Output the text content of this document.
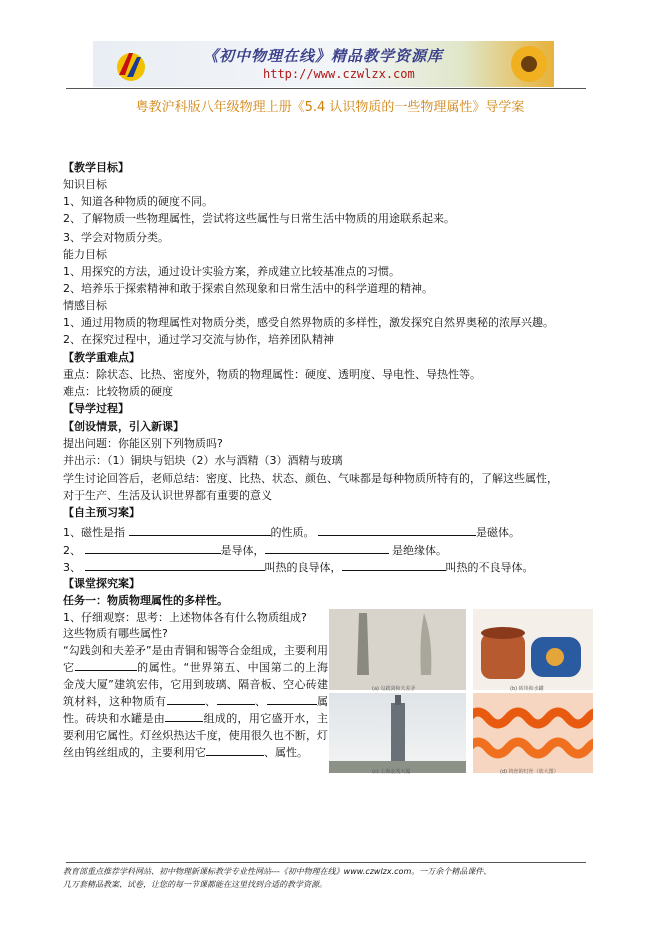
《初中物理在线》精品教学资源库
http://www.czwlzx.com
粤教沪科版八年级物理上册《5.4 认识物质的一些物理属性》导学案
【教学目标】
知识目标
1、知道各种物质的硬度不同。
2、了解物质一些物理属性，尝试将这些属性与日常生活中物质的用途联系起来。
3、学会对物质分类。
能力目标
1、用探究的方法，通过设计实验方案，养成建立比较基准点的习惯。
2、培养乐于探索精神和敢于探索自然现象和日常生活中的科学道理的精神。
情感目标
1、通过用物质的物理属性对物质分类，感受自然界物质的多样性，激发探究自然界奥秘的浓厚兴趣。
2、在探究过程中，通过学习交流与协作，培养团队精神
【教学重难点】
重点：除状态、比热、密度外，物质的物理属性：硬度、透明度、导电性、导热性等。
难点：比较物质的硬度
【导学过程】
【创设情景，引入新课】
提出问题：你能区别下列物质吗?
并出示：（1）铜块与铝块（2）水与酒精（3）酒精与玻璃
学生讨论回答后，老师总结：密度、比热、状态、颜色、气味都是每种物质所特有的，了解这些属性，
对于生产、生活及认识世界都有重要的意义
【自主预习案】
1、磁性是指	的性质。	是磁体。
2、	是导体，	是绝缘体。
3、	叫热的良导体，	叫热的不良导体。
【课堂探究案】
任务一：物质物理属性的多样性。
1、仔细观察：思考：上述物体各有什么物质组成?
这些物质有哪些属性?
“勾践剑和夫差矛”是由青铜和锡等合金组成，主要利用它	的属性。“世界第五、中国第二的上海金茂大厦”建筑宏伟，它用到玻璃、隔音板、空心砖建筑材料，这种物质有	、	、	属性。砖块和水罐是由	组成的，用它盛开水，主要利用它属性。灯丝炽热达千度，使用很久也不断，灯丝由钨丝组成的，主要利用它	、属性。
(a) 勾践剑和夫差矛	(b) 砖块和水罐
(c) 上海金茂大厦	(d) 钨丝的灯丝（放大图）
教育部重点推荐学科网站、初中物理新课标教学专业性网站---《初中物理在线》www.czwlzx.com。一万余个精品课件、
几万套精品教案、试卷，让您的每一节课都能在这里找到合适的教学资源。
